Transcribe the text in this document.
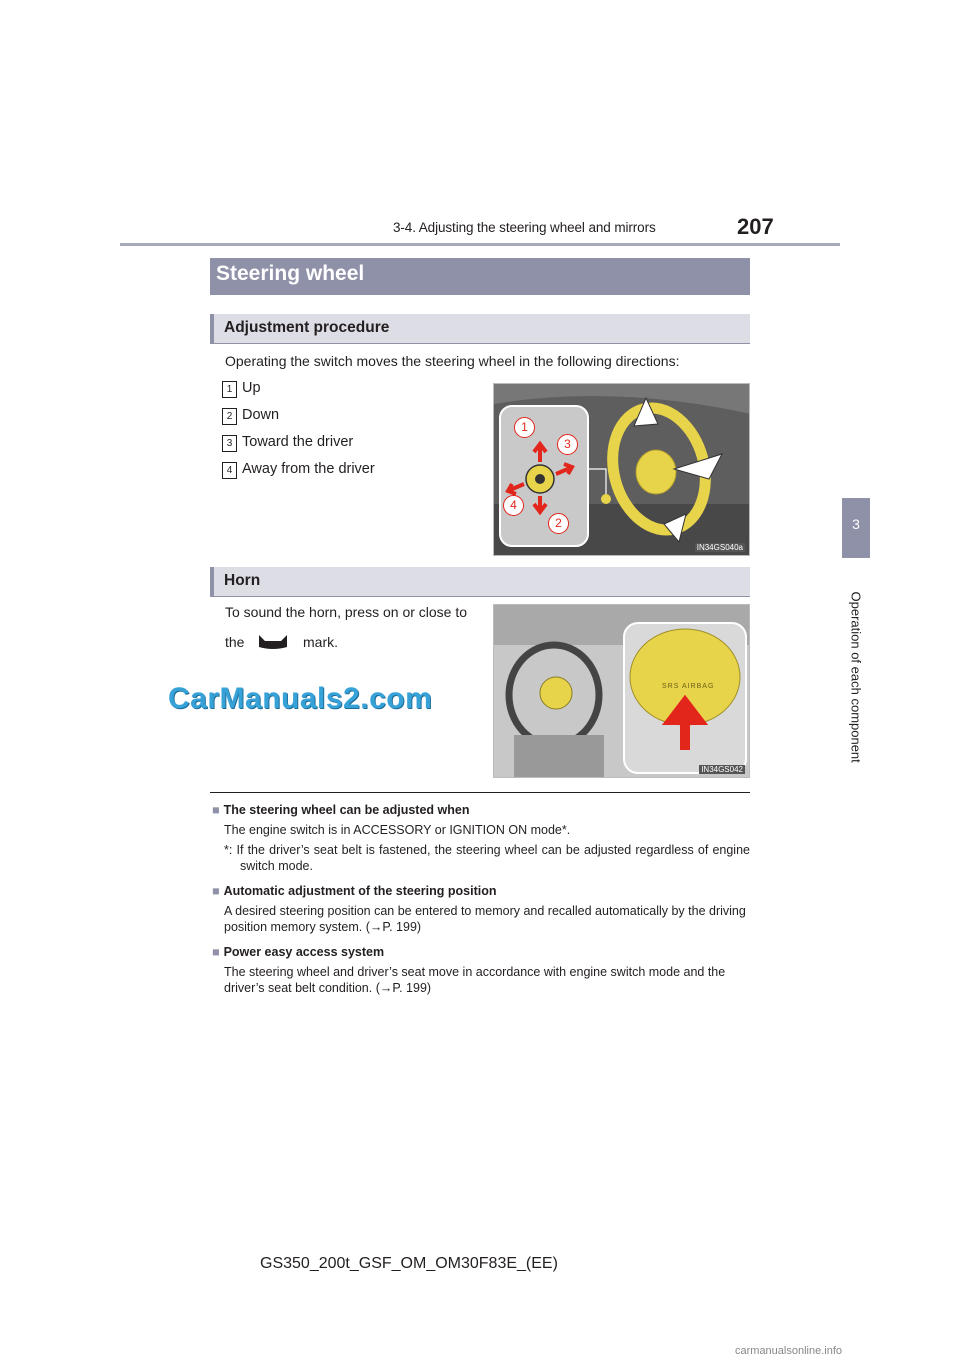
3-4. Adjusting the steering wheel and mirrors	207
3
Operation of each component
Steering wheel
Adjustment procedure
Operating the switch moves the steering wheel in the following directions:
1 Up
2 Down
3 Toward the driver
4 Away from the driver
1
3
4
2
IN34GS040a
Horn
To sound the horn, press on or close to
the	mark.
SRS AIRBAG
IN34GS042
CarManuals2.com
■ The steering wheel can be adjusted when
The engine switch is in ACCESSORY or IGNITION ON mode*.
*: If the driver’s seat belt is fastened, the steering wheel can be adjusted regardless of engine switch mode.
■ Automatic adjustment of the steering position
A desired steering position can be entered to memory and recalled automatically by the driving position memory system. (→P. 199)
■ Power easy access system
The steering wheel and driver’s seat move in accordance with engine switch mode and the driver’s seat belt condition. (→P. 199)
GS350_200t_GSF_OM_OM30F83E_(EE)
carmanualsonline.info
